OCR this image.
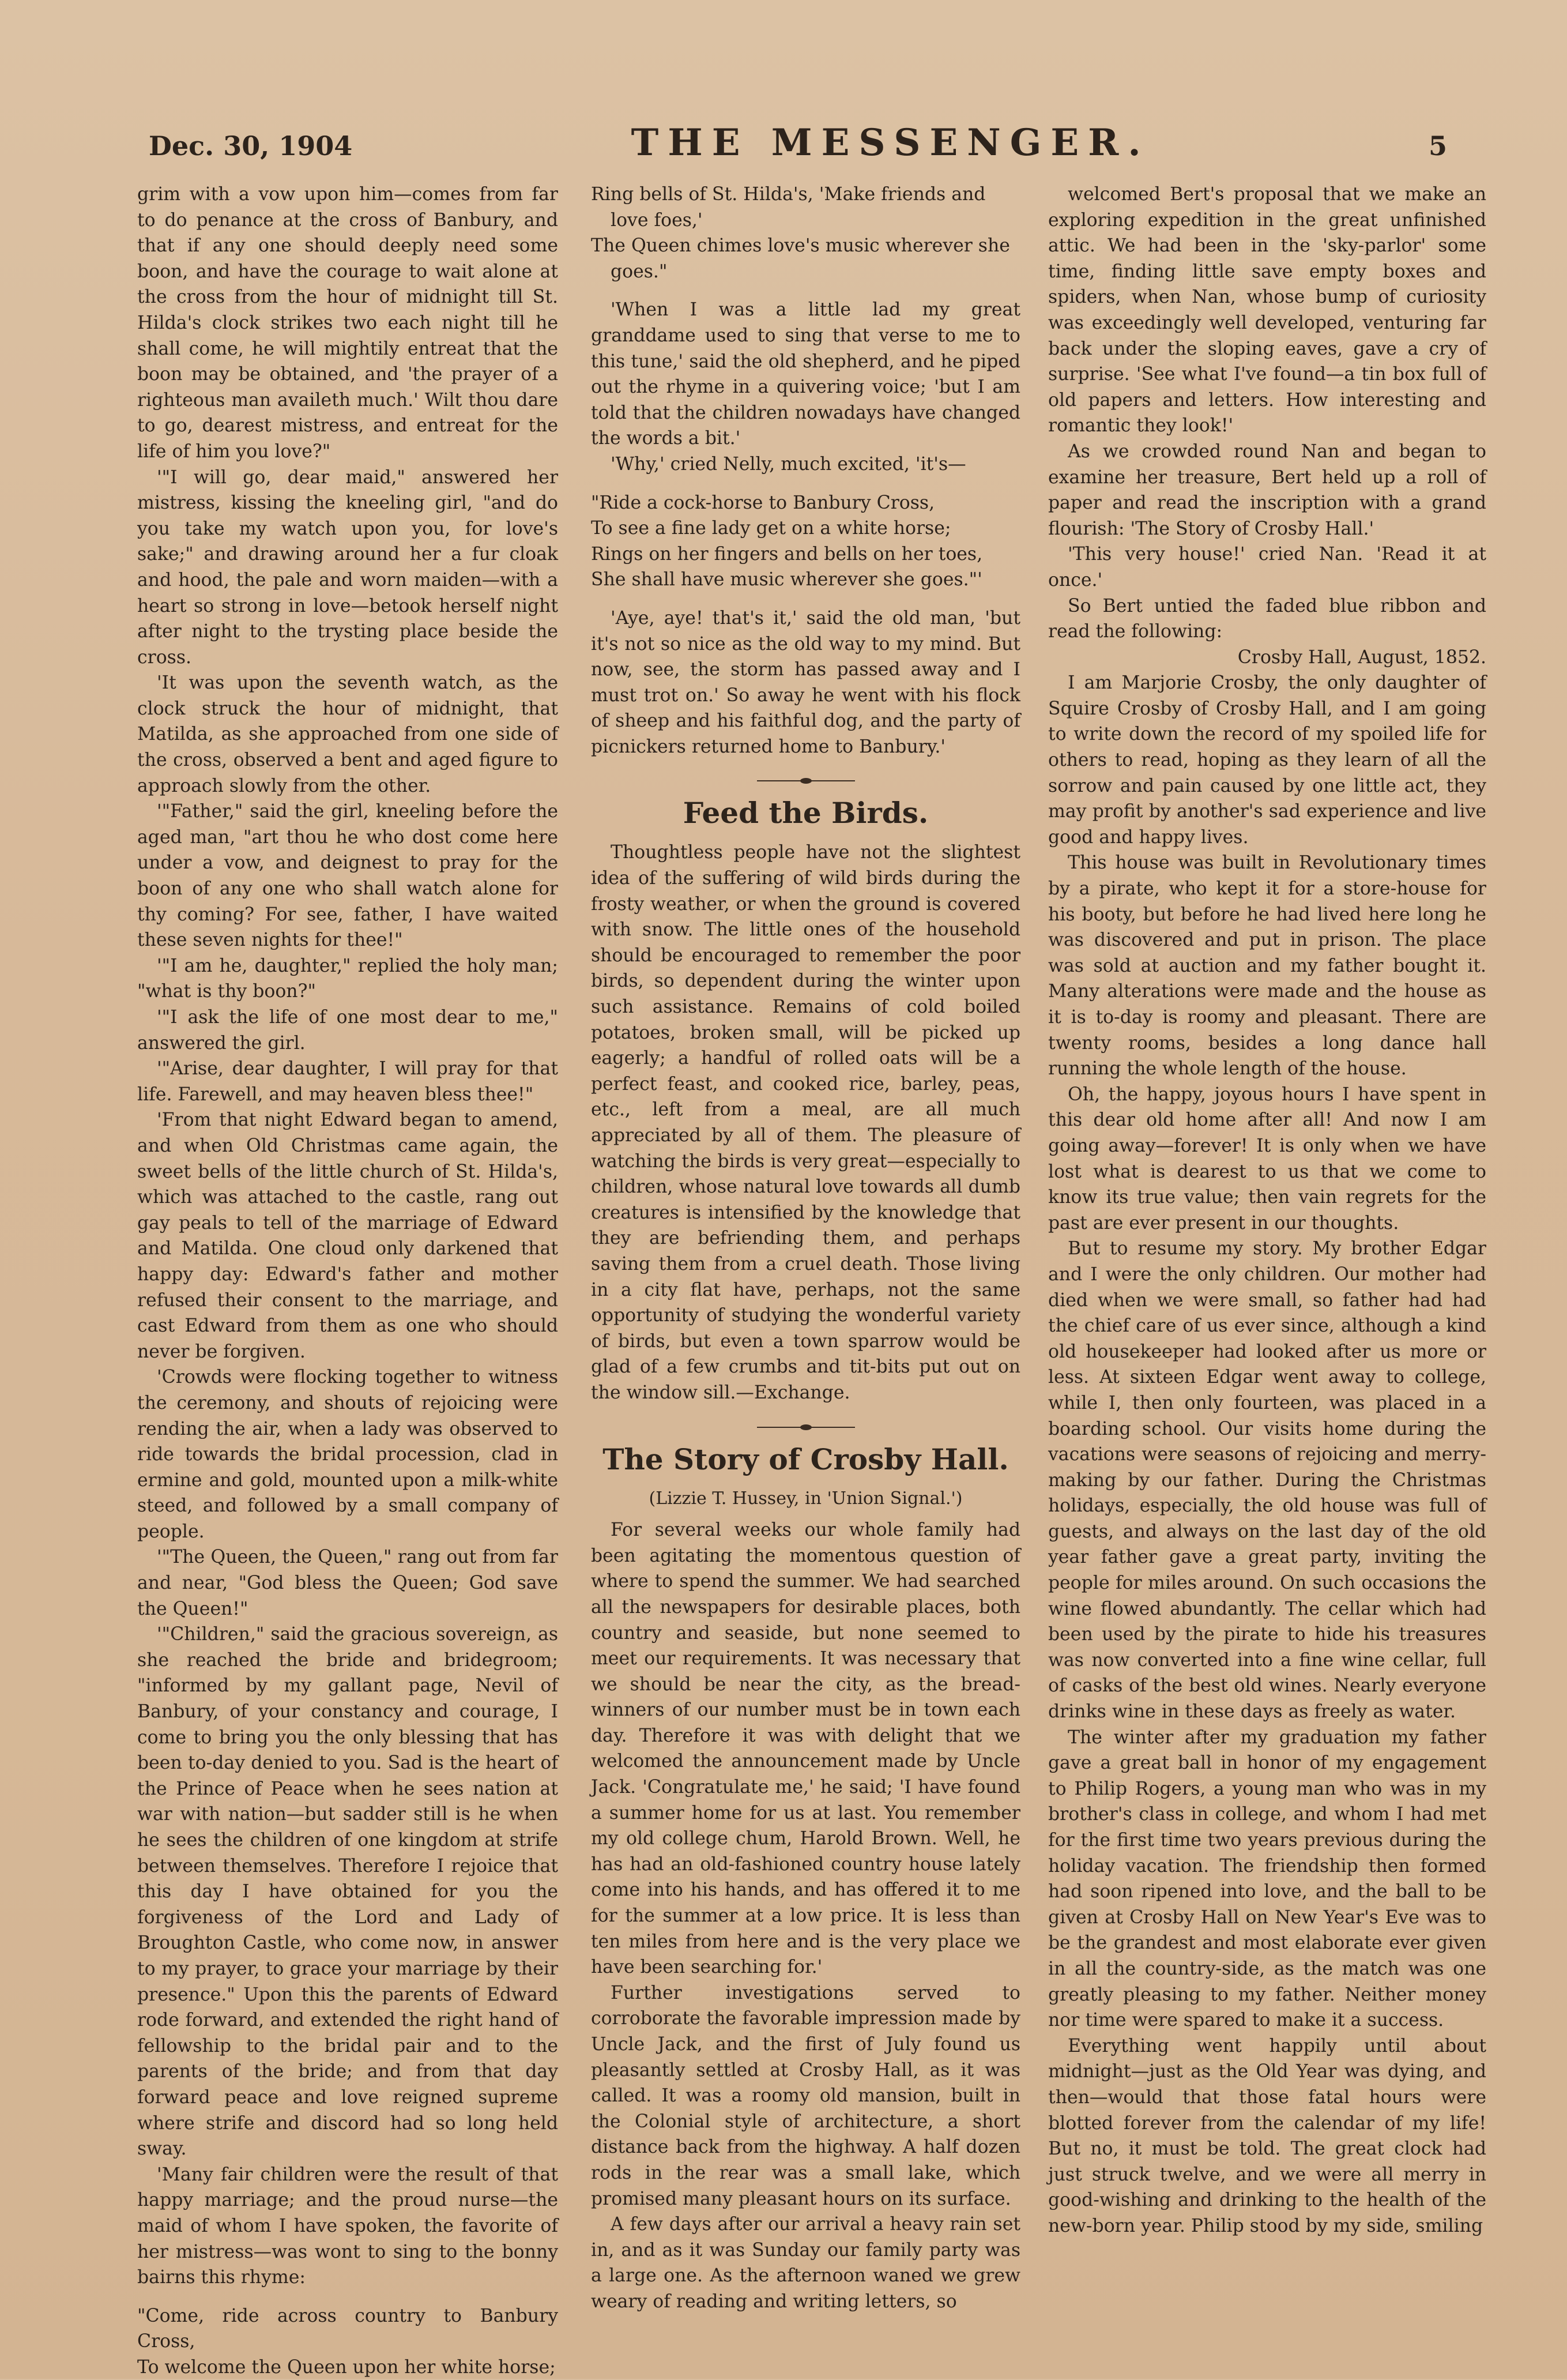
Dec. 30, 1904	THE MESSENGER.	5

grim with a vow upon him—comes from far to do penance at the cross of Banbury, and that if any one should deeply need some boon, and have the courage to wait alone at the cross from the hour of midnight till St. Hilda's clock strikes two each night till he shall come, he will mightily entreat that the boon may be obtained, and 'the prayer of a righteous man availeth much.' Wilt thou dare to go, dearest mistress, and entreat for the life of him you love?"

'"I will go, dear maid," answered her mistress, kissing the kneeling girl, "and do you take my watch upon you, for love's sake;" and drawing around her a fur cloak and hood, the pale and worn maiden—with a heart so strong in love—betook herself night after night to the trysting place beside the cross.

'It was upon the seventh watch, as the clock struck the hour of midnight, that Matilda, as she approached from one side of the cross, observed a bent and aged figure to approach slowly from the other.

'"Father," said the girl, kneeling before the aged man, "art thou he who dost come here under a vow, and deignest to pray for the boon of any one who shall watch alone for thy coming? For see, father, I have waited these seven nights for thee!"

'"I am he, daughter," replied the holy man; "what is thy boon?"

'"I ask the life of one most dear to me," answered the girl.

'"Arise, dear daughter, I will pray for that life. Farewell, and may heaven bless thee!"

'From that night Edward began to amend, and when Old Christmas came again, the sweet bells of the little church of St. Hilda's, which was attached to the castle, rang out gay peals to tell of the marriage of Edward and Matilda. One cloud only darkened that happy day: Edward's father and mother refused their consent to the marriage, and cast Edward from them as one who should never be forgiven.

'Crowds were flocking together to witness the ceremony, and shouts of rejoicing were rending the air, when a lady was observed to ride towards the bridal procession, clad in ermine and gold, mounted upon a milk-white steed, and followed by a small company of people.

'"The Queen, the Queen," rang out from far and near, "God bless the Queen; God save the Queen!"

'"Children," said the gracious sovereign, as she reached the bride and bridegroom; "informed by my gallant page, Nevil of Banbury, of your constancy and courage, I come to bring you the only blessing that has been to-day denied to you. Sad is the heart of the Prince of Peace when he sees nation at war with nation—but sadder still is he when he sees the children of one kingdom at strife between themselves. Therefore I rejoice that this day I have obtained for you the forgiveness of the Lord and Lady of Broughton Castle, who come now, in answer to my prayer, to grace your marriage by their presence." Upon this the parents of Edward rode forward, and extended the right hand of fellowship to the bridal pair and to the parents of the bride; and from that day forward peace and love reigned supreme where strife and discord had so long held sway.

'Many fair children were the result of that happy marriage; and the proud nurse—the maid of whom I have spoken, the favorite of her mistress—was wont to sing to the bonny bairns this rhyme:

"Come, ride across country to Banbury Cross,
To welcome the Queen upon her white horse;
Ring bells of St. Hilda's, 'Make friends and
love foes,'
The Queen chimes love's music wherever she
goes."

'When I was a little lad my great granddame used to sing that verse to me to this tune,' said the old shepherd, and he piped out the rhyme in a quivering voice; 'but I am told that the children nowadays have changed the words a bit.'

'Why,' cried Nelly, much excited, 'it's—

"Ride a cock-horse to Banbury Cross,
To see a fine lady get on a white horse;
Rings on her fingers and bells on her toes,
She shall have music wherever she goes."'

'Aye, aye! that's it,' said the old man, 'but it's not so nice as the old way to my mind. But now, see, the storm has passed away and I must trot on.' So away he went with his flock of sheep and his faithful dog, and the party of picnickers returned home to Banbury.'

Feed the Birds.

Thoughtless people have not the slightest idea of the suffering of wild birds during the frosty weather, or when the ground is covered with snow. The little ones of the household should be encouraged to remember the poor birds, so dependent during the winter upon such assistance. Remains of cold boiled potatoes, broken small, will be picked up eagerly; a handful of rolled oats will be a perfect feast, and cooked rice, barley, peas, etc., left from a meal, are all much appreciated by all of them. The pleasure of watching the birds is very great—especially to children, whose natural love towards all dumb creatures is intensified by the knowledge that they are befriending them, and perhaps saving them from a cruel death. Those living in a city flat have, perhaps, not the same opportunity of studying the wonderful variety of birds, but even a town sparrow would be glad of a few crumbs and tit-bits put out on the window sill.—Exchange.

The Story of Crosby Hall.
(Lizzie T. Hussey, in 'Union Signal.')

For several weeks our whole family had been agitating the momentous question of where to spend the summer. We had searched all the newspapers for desirable places, both country and seaside, but none seemed to meet our requirements. It was necessary that we should be near the city, as the bread-winners of our number must be in town each day. Therefore it was with delight that we welcomed the announcement made by Uncle Jack. 'Congratulate me,' he said; 'I have found a summer home for us at last. You remember my old college chum, Harold Brown. Well, he has had an old-fashioned country house lately come into his hands, and has offered it to me for the summer at a low price. It is less than ten miles from here and is the very place we have been searching for.'

Further investigations served to corroborate the favorable impression made by Uncle Jack, and the first of July found us pleasantly settled at Crosby Hall, as it was called. It was a roomy old mansion, built in the Colonial style of architecture, a short distance back from the highway. A half dozen rods in the rear was a small lake, which promised many pleasant hours on its surface.

A few days after our arrival a heavy rain set in, and as it was Sunday our family party was a large one. As the afternoon waned we grew weary of reading and writing letters, so

welcomed Bert's proposal that we make an exploring expedition in the great unfinished attic. We had been in the 'sky-parlor' some time, finding little save empty boxes and spiders, when Nan, whose bump of curiosity was exceedingly well developed, venturing far back under the sloping eaves, gave a cry of surprise. 'See what I've found—a tin box full of old papers and letters. How interesting and romantic they look!'

As we crowded round Nan and began to examine her treasure, Bert held up a roll of paper and read the inscription with a grand flourish: 'The Story of Crosby Hall.'

'This very house!' cried Nan. 'Read it at once.'

So Bert untied the faded blue ribbon and read the following:

Crosby Hall, August, 1852.

I am Marjorie Crosby, the only daughter of Squire Crosby of Crosby Hall, and I am going to write down the record of my spoiled life for others to read, hoping as they learn of all the sorrow and pain caused by one little act, they may profit by another's sad experience and live good and happy lives.

This house was built in Revolutionary times by a pirate, who kept it for a store-house for his booty, but before he had lived here long he was discovered and put in prison. The place was sold at auction and my father bought it. Many alterations were made and the house as it is to-day is roomy and pleasant. There are twenty rooms, besides a long dance hall running the whole length of the house.

Oh, the happy, joyous hours I have spent in this dear old home after all! And now I am going away—forever! It is only when we have lost what is dearest to us that we come to know its true value; then vain regrets for the past are ever present in our thoughts.

But to resume my story. My brother Edgar and I were the only children. Our mother had died when we were small, so father had had the chief care of us ever since, although a kind old housekeeper had looked after us more or less. At sixteen Edgar went away to college, while I, then only fourteen, was placed in a boarding school. Our visits home during the vacations were seasons of rejoicing and merry-making by our father. During the Christmas holidays, especially, the old house was full of guests, and always on the last day of the old year father gave a great party, inviting the people for miles around. On such occasions the wine flowed abundantly. The cellar which had been used by the pirate to hide his treasures was now converted into a fine wine cellar, full of casks of the best old wines. Nearly everyone drinks wine in these days as freely as water.

The winter after my graduation my father gave a great ball in honor of my engagement to Philip Rogers, a young man who was in my brother's class in college, and whom I had met for the first time two years previous during the holiday vacation. The friendship then formed had soon ripened into love, and the ball to be given at Crosby Hall on New Year's Eve was to be the grandest and most elaborate ever given in all the country-side, as the match was one greatly pleasing to my father. Neither money nor time were spared to make it a success.

Everything went happily until about midnight—just as the Old Year was dying, and then—would that those fatal hours were blotted forever from the calendar of my life! But no, it must be told. The great clock had just struck twelve, and we were all merry in good-wishing and drinking to the health of the new-born year. Philip stood by my side, smiling
